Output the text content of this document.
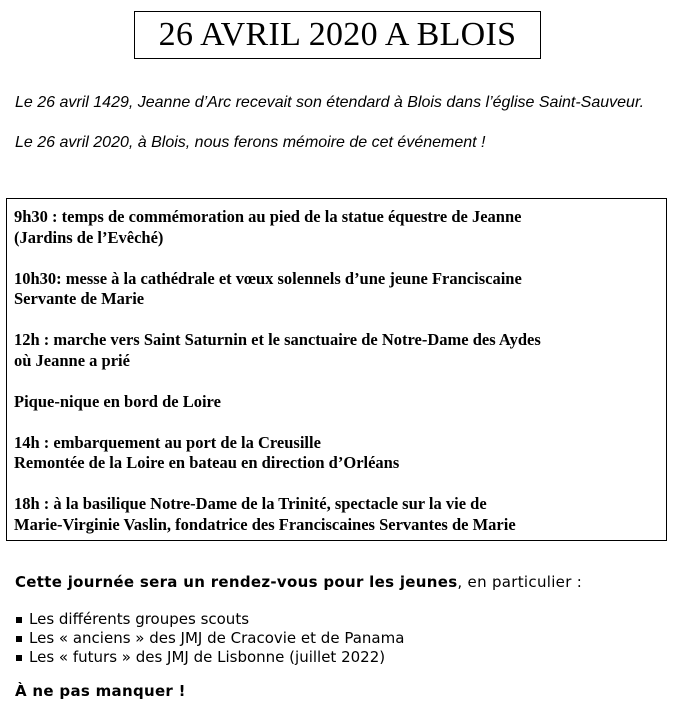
26 AVRIL 2020 A BLOIS

Le 26 avril 1429, Jeanne d’Arc recevait son étendard à Blois dans l’église Saint-Sauveur.

Le 26 avril 2020, à Blois, nous ferons mémoire de cet événement !

9h30 : temps de commémoration au pied de la statue équestre de Jeanne
(Jardins de l’Evêché)
10h30: messe à la cathédrale et vœux solennels d’une jeune Franciscaine
Servante de Marie
12h : marche vers Saint Saturnin et le sanctuaire de Notre-Dame des Aydes
où Jeanne a prié
Pique-nique en bord de Loire
14h : embarquement au port de la Creusille
Remontée de la Loire en bateau en direction d’Orléans
18h : à la basilique Notre-Dame de la Trinité, spectacle sur la vie de
Marie-Virginie Vaslin, fondatrice des Franciscaines Servantes de Marie
Cette journée sera un rendez-vous pour les jeunes, en particulier :
Les différents groupes scouts
Les « anciens » des JMJ de Cracovie et de Panama
Les « futurs » des JMJ de Lisbonne (juillet 2022)
À ne pas manquer !
